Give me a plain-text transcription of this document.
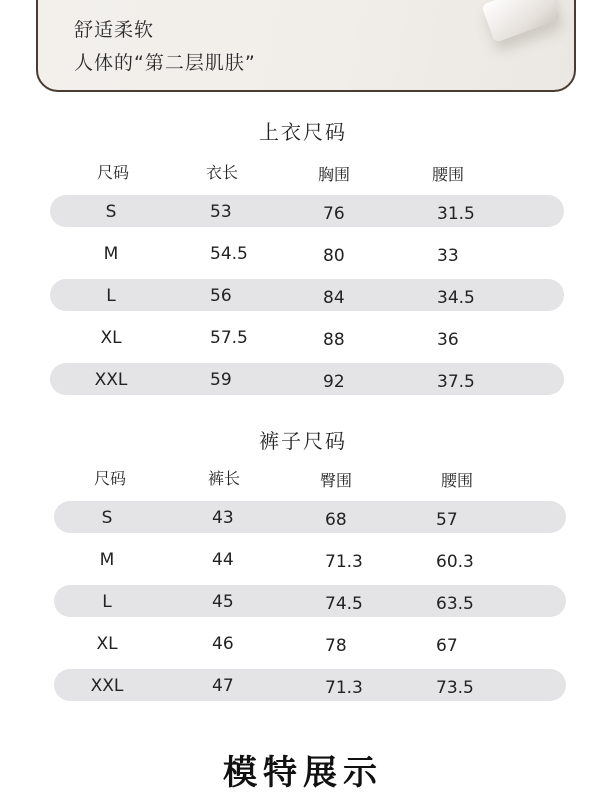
舒适柔软
人体的“第二层肌肤”
上衣尺码
尺码	衣长	胸围	腰围
S	53	76	31.5
M	54.5	80	33
L	56	84	34.5
XL	57.5	88	36
XXL	59	92	37.5
裤子尺码
尺码	裤长	臀围	腰围
S	43	68	57
M	44	71.3	60.3
L	45	74.5	63.5
XL	46	78	67
XXL	47	71.3	73.5
模特展示
